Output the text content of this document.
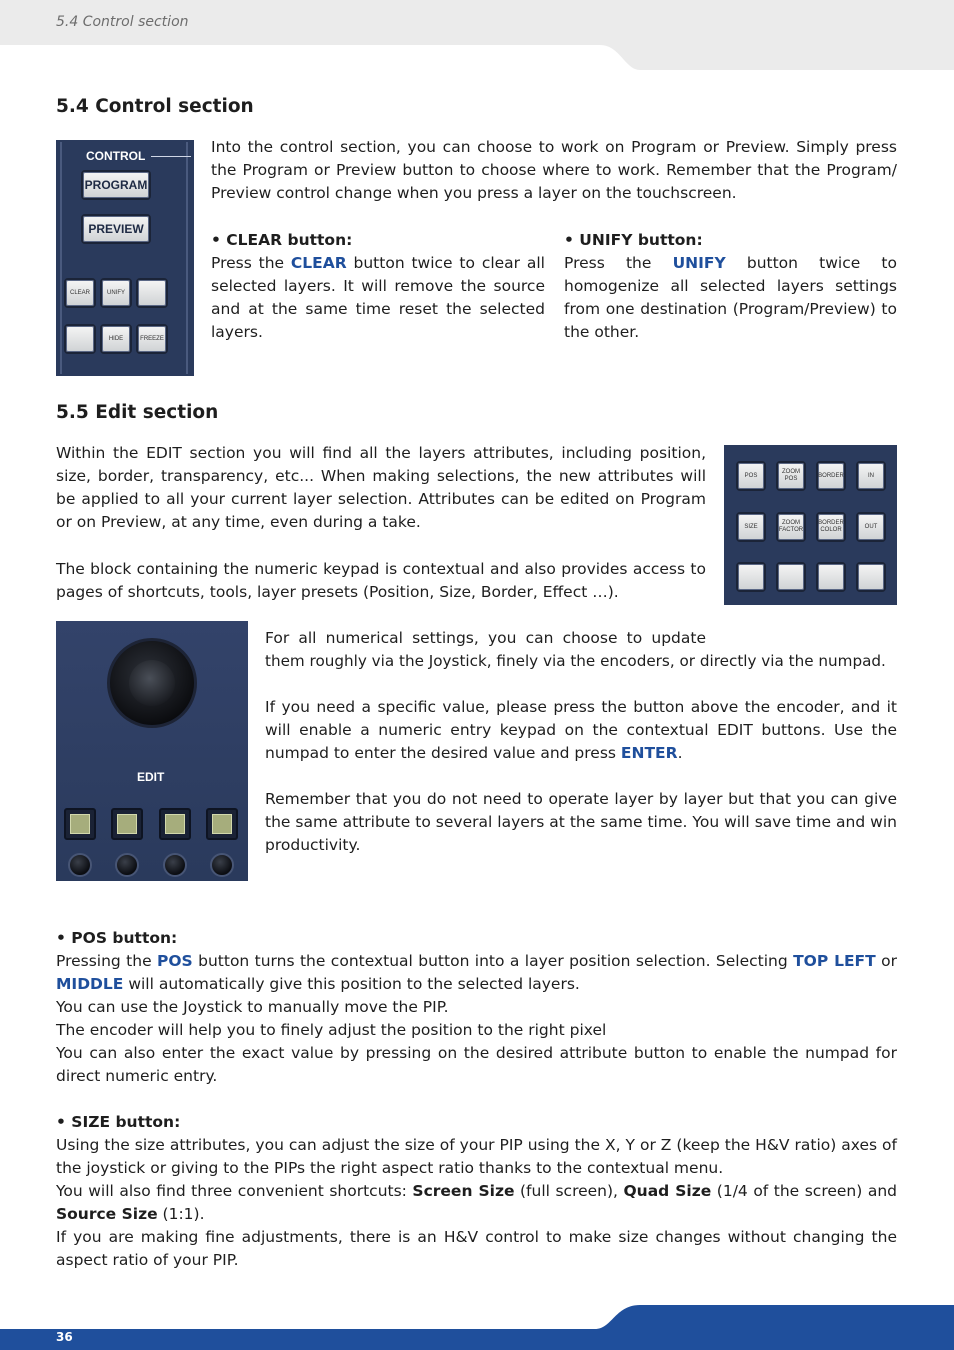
5.4 Control section
5.4 Control section
CONTROL
PROGRAM
PREVIEW
CLEAR	UNIFY
HIDE	FREEZE

Into the control section, you can choose to work on Program or Preview. Simply press the Program or Preview button to choose where to work. Remember that the Program/ Preview control change when you press a layer on the touchscreen.

• CLEAR button:
Press the CLEAR button twice to clear all selected layers. It will remove the source and at the same time reset the selected layers.
• UNIFY button:
Press the UNIFY button twice to homogenize all selected layers settings from one destination (Program/Preview) to the other.
5.5 Edit section

Within the EDIT section you will find all the layers attributes, including position, size, border, transparency, etc... When making selections, the new attributes will be applied to all your current layer selection. Attributes can be edited on Program or on Preview, at any time, even during a take.

The block containing the numeric keypad is contextual and also provides access to pages of shortcuts, tools, layer presets (Position, Size, Border, Effect …).

POS
ZOOM POS
BORDER	IN
SIZE
ZOOM FACTOR
BORDER COLOR
OUT
EDIT
For all numerical settings, you can choose to update
them roughly via the Joystick, finely via the encoders, or directly via the numpad.
If you need a specific value, please press the button above the encoder, and it will enable a numeric entry keypad on the contextual EDIT buttons. Use the numpad to enter the desired value and press ENTER.

Remember that you do not need to operate layer by layer but that you can give the same attribute to several layers at the same time. You will save time and win productivity.

• POS button:
Pressing the POS button turns the contextual button into a layer position selection. Selecting TOP LEFT or MIDDLE will automatically give this position to the selected layers.
You can use the Joystick to manually move the PIP.
The encoder will help you to finely adjust the position to the right pixel
You can also enter the exact value by pressing on the desired attribute button to enable the numpad for direct numeric entry.
• SIZE button:
Using the size attributes, you can adjust the size of your PIP using the X, Y or Z (keep the H&V ratio) axes of the joystick or giving to the PIPs the right aspect ratio thanks to the contextual menu.
You will also find three convenient shortcuts: Screen Size (full screen), Quad Size (1/4 of the screen) and Source Size (1:1).
If you are making fine adjustments, there is an H&V control to make size changes without changing the aspect ratio of your PIP.
36
